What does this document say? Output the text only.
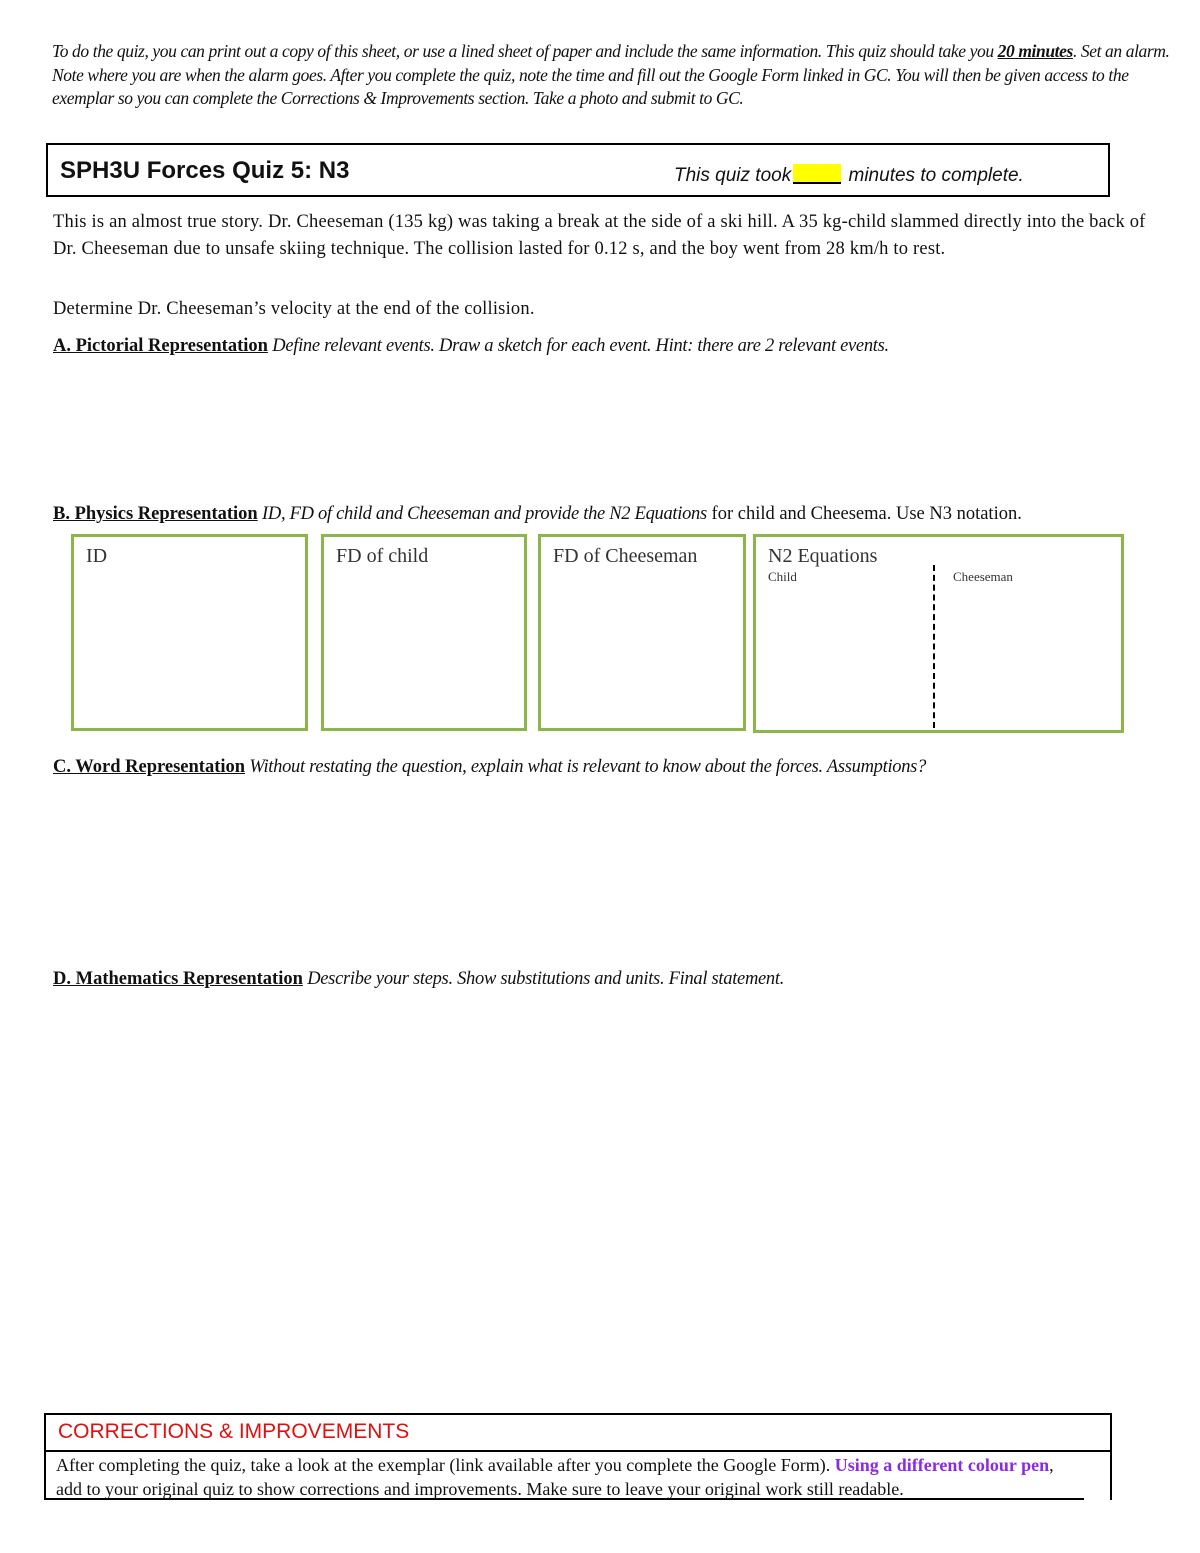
To do the quiz, you can print out a copy of this sheet, or use a lined sheet of paper and include the same information. This quiz should take you 20 minutes. Set an alarm. Note where you are when the alarm goes. After you complete the quiz, note the time and fill out the Google Form linked in GC. You will then be given access to the exemplar so you can complete the Corrections & Improvements section. Take a photo and submit to GC.
SPH3U Forces Quiz 5: N3	This quiz took	minutes to complete.
This is an almost true story. Dr. Cheeseman (135 kg) was taking a break at the side of a ski hill. A 35 kg-child slammed directly into the back of Dr. Cheeseman due to unsafe skiing technique. The collision lasted for 0.12 s, and the boy went from 28 km/h to rest.
Determine Dr. Cheeseman’s velocity at the end of the collision.
A. Pictorial Representation Define relevant events. Draw a sketch for each event. Hint: there are 2 relevant events.
B. Physics Representation ID, FD of child and Cheeseman and provide the N2 Equations for child and Cheesema. Use N3 notation.
ID	FD of child	FD of Cheeseman	N2 Equations
Child	Cheeseman
C. Word Representation Without restating the question, explain what is relevant to know about the forces. Assumptions?
D. Mathematics Representation Describe your steps. Show substitutions and units. Final statement.
CORRECTIONS & IMPROVEMENTS
After completing the quiz, take a look at the exemplar (link available after you complete the Google Form). Using a different colour pen, add to your original quiz to show corrections and improvements. Make sure to leave your original work still readable.
